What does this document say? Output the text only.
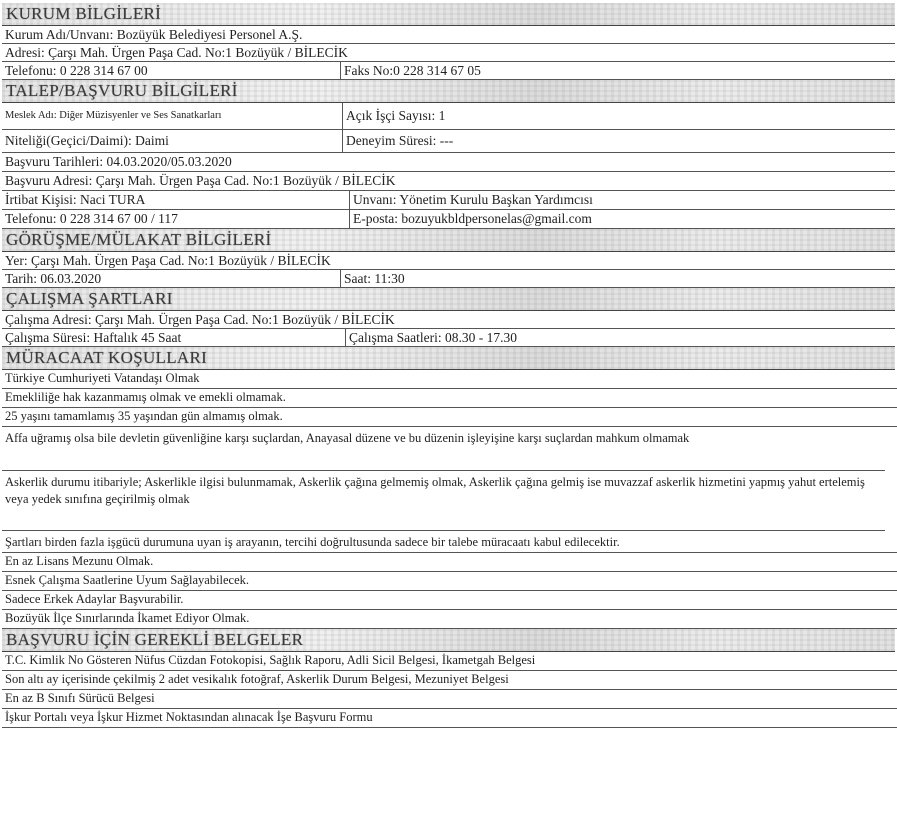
KURUM BİLGİLERİ
Kurum Adı/Unvanı: Bozüyük Belediyesi Personel A.Ş.
Adresi: Çarşı Mah. Ürgen Paşa Cad. No:1 Bozüyük / BİLECİK
Telefonu: 0 228 314 67 00	Faks No:0 228 314 67 05
TALEP/BAŞVURU BİLGİLERİ
Meslek Adı: Diğer Müzisyenler ve Ses Sanatkarları	Açık İşçi Sayısı: 1
Niteliği(Geçici/Daimi): Daimi	Deneyim Süresi: ---
Başvuru Tarihleri: 04.03.2020/05.03.2020
Başvuru Adresi: Çarşı Mah. Ürgen Paşa Cad. No:1 Bozüyük / BİLECİK
İrtibat Kişisi: Naci TURA	Unvanı: Yönetim Kurulu Başkan Yardımcısı
Telefonu: 0 228 314 67 00 / 117	E-posta: bozuyukbldpersonelas@gmail.com
GÖRÜŞME/MÜLAKAT BİLGİLERİ
Yer: Çarşı Mah. Ürgen Paşa Cad. No:1 Bozüyük / BİLECİK
Tarih: 06.03.2020	Saat: 11:30
ÇALIŞMA ŞARTLARI
Çalışma Adresi: Çarşı Mah. Ürgen Paşa Cad. No:1 Bozüyük / BİLECİK
Çalışma Süresi: Haftalık 45 Saat	Çalışma Saatleri: 08.30 - 17.30
MÜRACAAT KOŞULLARI
Türkiye Cumhuriyeti Vatandaşı Olmak
Emekliliğe hak kazanmamış olmak ve emekli olmamak.
25 yaşını tamamlamış 35 yaşından gün almamış olmak.
Affa uğramış olsa bile devletin güvenliğine karşı suçlardan, Anayasal düzene ve bu düzenin işleyişine karşı suçlardan mahkum olmamak
Askerlik durumu itibariyle; Askerlikle ilgisi bulunmamak, Askerlik çağına gelmemiş olmak, Askerlik çağına gelmiş ise muvazzaf askerlik hizmetini yapmış yahut ertelemiş veya yedek sınıfına geçirilmiş olmak
Şartları birden fazla işgücü durumuna uyan iş arayanın, tercihi doğrultusunda sadece bir talebe müracaatı kabul edilecektir.
En az Lisans Mezunu Olmak.
Esnek Çalışma Saatlerine Uyum Sağlayabilecek.
Sadece Erkek Adaylar Başvurabilir.
Bozüyük İlçe Sınırlarında İkamet Ediyor Olmak.
BAŞVURU İÇİN GEREKLİ BELGELER
T.C. Kimlik No Gösteren Nüfus Cüzdan Fotokopisi, Sağlık Raporu, Adli Sicil Belgesi, İkametgah Belgesi
Son altı ay içerisinde çekilmiş 2 adet vesikalık fotoğraf, Askerlik Durum Belgesi, Mezuniyet Belgesi
En az B Sınıfı Sürücü Belgesi
İşkur Portalı veya İşkur Hizmet Noktasından alınacak İşe Başvuru Formu
